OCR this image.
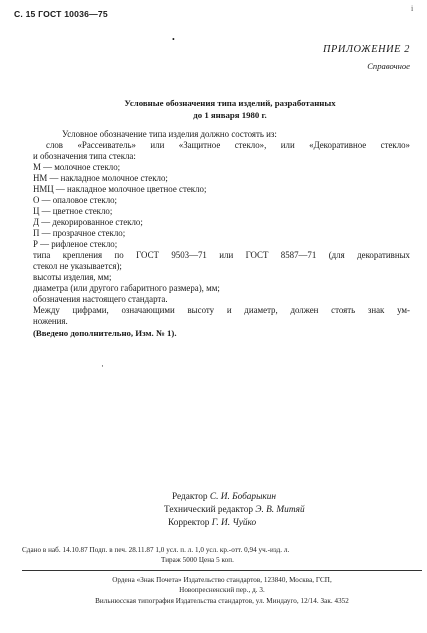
С. 15 ГОСТ 10036—75
•
і
ПРИЛОЖЕНИЕ 2
Справочное
Условные обозначения типа изделий, разработанных
до 1 января 1980 г.
Условное обозначение типа изделия должно состоять из:
слов «Рассеиватель» или «Защитное стекло», или «Декоративное стекло»
и обозначения типа стекла:
М — молочное стекло;
НМ — накладное молочное стекло;
НМЦ — накладное молочное цветное стекло;
О — опаловое стекло;
Ц — цветное стекло;
Д — декорированное стекло;
П — прозрачное стекло;
Р — рифленое стекло;
типа крепления по ГОСТ 9503—71 или ГОСТ 8587—71 (для декоративных
стекол не указывается);
высоты изделия, мм;
диаметра (или другого габаритного размера), мм;
обозначения настоящего стандарта.
Между цифрами, означающими высоту и диаметр, должен стоять знак ум-
ножения.
(Введено дополнительно, Изм. № 1).
·
Редактор С. И. Бобарыкин
Технический редактор Э. В. Митяй
Корректор Г. И. Чуйко
Сдано в наб. 14.10.87 Подп. в печ. 28.11.87 1,0 усл. п. л. 1,0 усл. кр.-отт. 0,94 уч.-изд. л.
Тираж 5000 Цена 5 коп.
Ордена «Знак Почета» Издательство стандартов, 123840, Москва, ГСП,
Новопресненский пер., д. 3.
Вильнюсская типография Издательства стандартов, ул. Миндауго, 12/14. Зак. 4352
